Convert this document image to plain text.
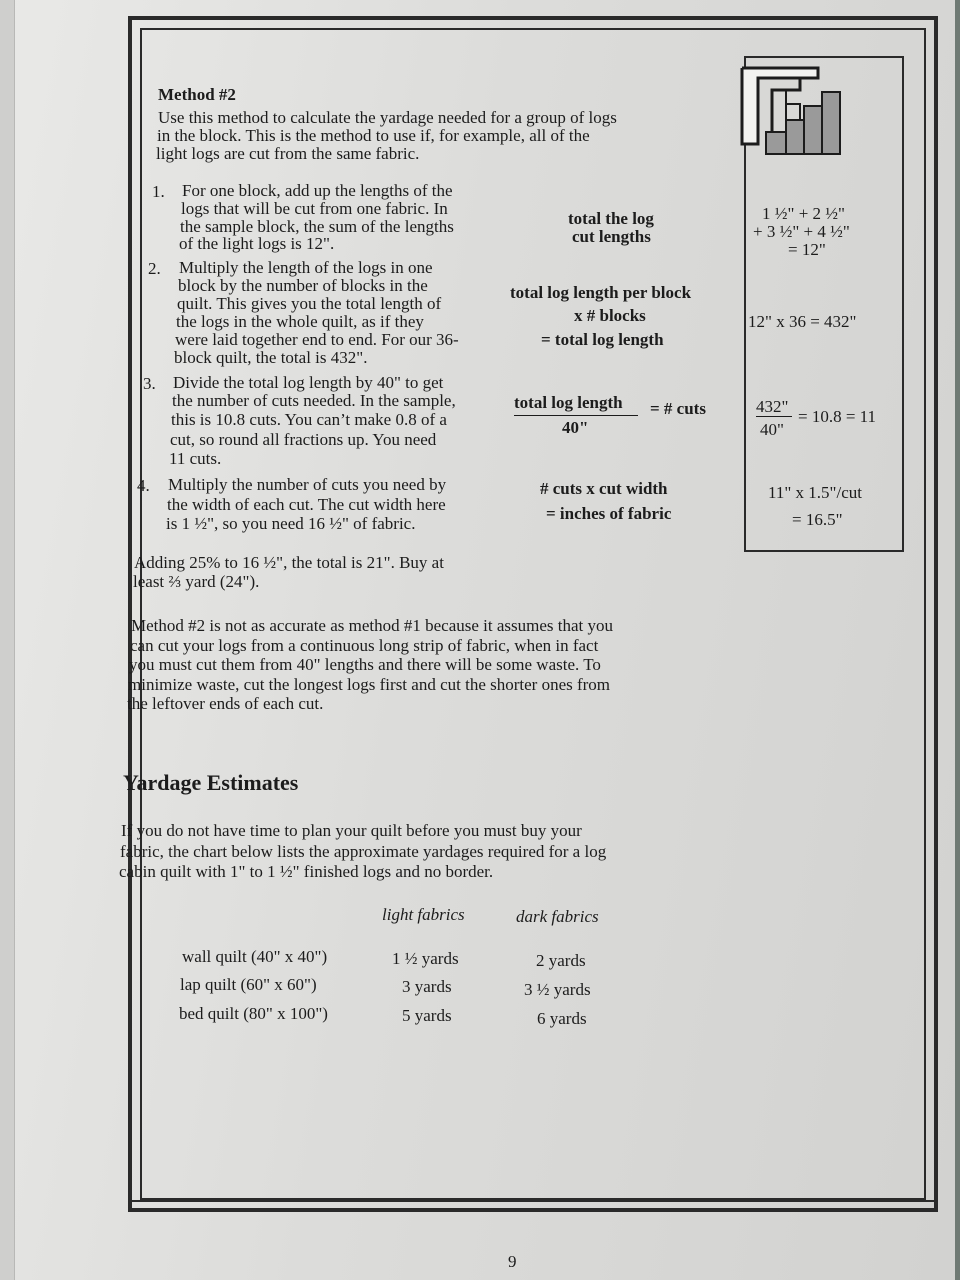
Method #2
Use this method to calculate the yardage needed for a group of logs
in the block. This is the method to use if, for example, all of the
light logs are cut from the same fabric.
1. For one block, add up the lengths of the
logs that will be cut from one fabric. In
the sample block, the sum of the lengths
of the light logs is 12".
total the log
cut lengths
2. Multiply the length of the logs in one
block by the number of blocks in the
quilt. This gives you the total length of
the logs in the whole quilt, as if they
were laid together end to end. For our 36-
block quilt, the total is 432".
total log length per block
x # blocks
= total log length
3. Divide the total log length by 40" to get
the number of cuts needed. In the sample,
this is 10.8 cuts. You can’t make 0.8 of a
cut, so round all fractions up. You need
11 cuts.
total log length
40"
= # cuts
4. Multiply the number of cuts you need by
the width of each cut. The cut width here
is 1 ½", so you need 16 ½" of fabric.
# cuts x cut width
= inches of fabric
1 ½" + 2 ½"
+ 3 ½" + 4 ½"
= 12"
12" x 36 = 432"
432"
40"
= 10.8 = 11
11" x 1.5"/cut
= 16.5"
Adding 25% to 16 ½", the total is 21". Buy at
least ⅔ yard (24").
Method #2 is not as accurate as method #1 because it assumes that you
can cut your logs from a continuous long strip of fabric, when in fact
you must cut them from 40" lengths and there will be some waste. To
minimize waste, cut the longest logs first and cut the shorter ones from
the leftover ends of each cut.
Yardage Estimates
If you do not have time to plan your quilt before you must buy your
fabric, the chart below lists the approximate yardages required for a log
cabin quilt with 1" to 1 ½" finished logs and no border.
light fabrics	dark fabrics
wall quilt (40" x 40")	1 ½ yards	2 yards
lap quilt (60" x 60")	3 yards	3 ½ yards
bed quilt (80" x 100")	5 yards	6 yards
9
